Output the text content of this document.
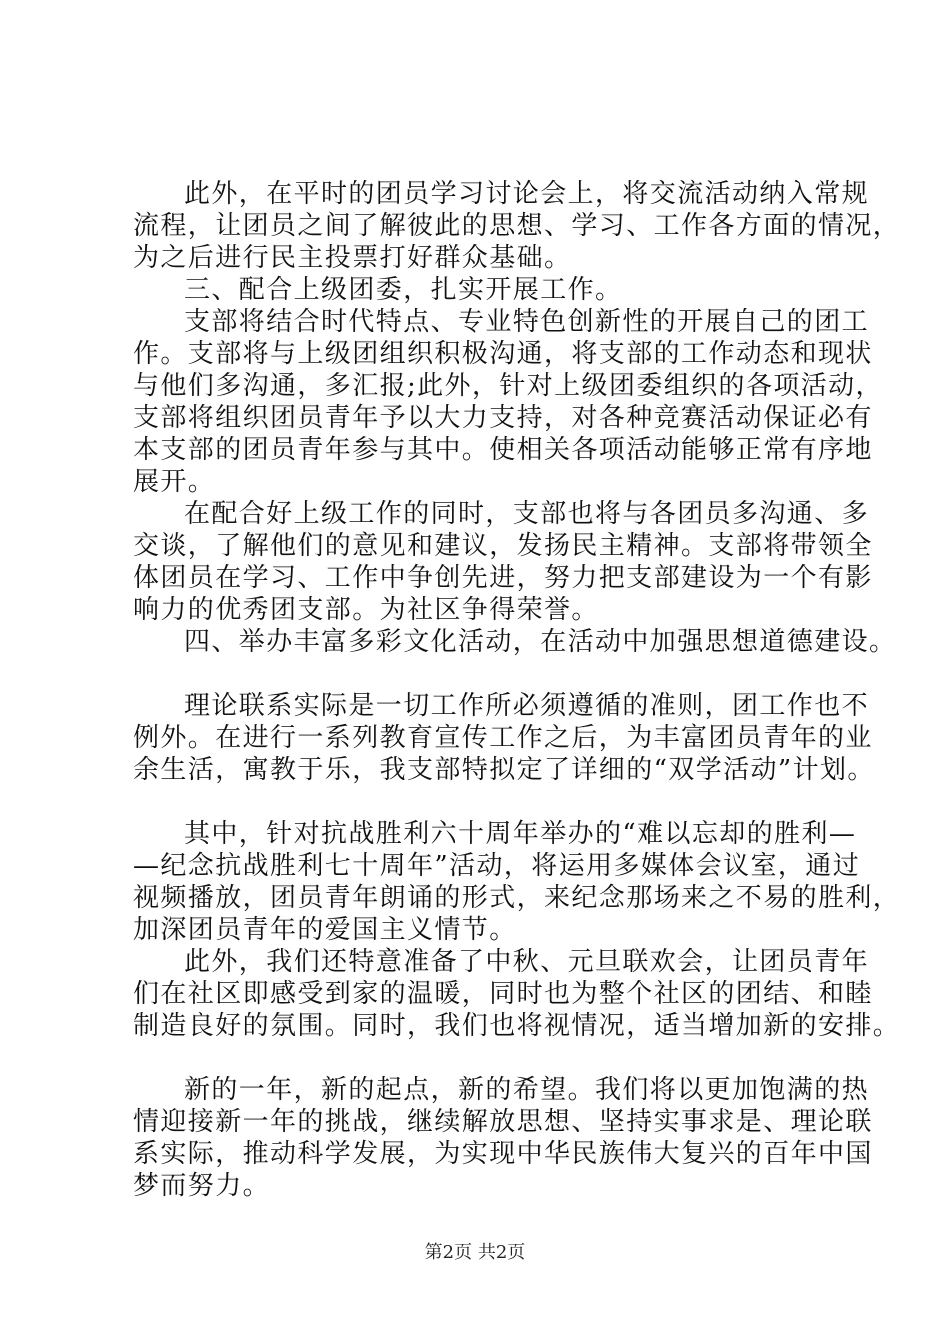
此外，在平时的团员学习讨论会上，将交流活动纳入常规
流程，让团员之间了解彼此的思想、学习、工作各方面的情况，
为之后进行民主投票打好群众基础。
三、配合上级团委，扎实开展工作。
支部将结合时代特点、专业特色创新性的开展自己的团工
作。支部将与上级团组织积极沟通，将支部的工作动态和现状
与他们多沟通，多汇报;此外，针对上级团委组织的各项活动，
支部将组织团员青年予以大力支持，对各种竞赛活动保证必有
本支部的团员青年参与其中。使相关各项活动能够正常有序地
展开。
在配合好上级工作的同时，支部也将与各团员多沟通、多
交谈，了解他们的意见和建议，发扬民主精神。支部将带领全
体团员在学习、工作中争创先进，努力把支部建设为一个有影
响力的优秀团支部。为社区争得荣誉。
四、举办丰富多彩文化活动，在活动中加强思想道德建设。
理论联系实际是一切工作所必须遵循的准则，团工作也不
例外。在进行一系列教育宣传工作之后，为丰富团员青年的业
余生活，寓教于乐，我支部特拟定了详细的“双学活动”计划。
其中，针对抗战胜利六十周年举办的“难以忘却的胜利—
—纪念抗战胜利七十周年”活动，将运用多媒体会议室，通过
视频播放，团员青年朗诵的形式，来纪念那场来之不易的胜利，
加深团员青年的爱国主义情节。
此外，我们还特意准备了中秋、元旦联欢会，让团员青年
们在社区即感受到家的温暖，同时也为整个社区的团结、和睦
制造良好的氛围。同时，我们也将视情况，适当增加新的安排。
新的一年，新的起点，新的希望。我们将以更加饱满的热
情迎接新一年的挑战，继续解放思想、坚持实事求是、理论联
系实际，推动科学发展，为实现中华民族伟大复兴的百年中国
梦而努力。
第2页 共2页
